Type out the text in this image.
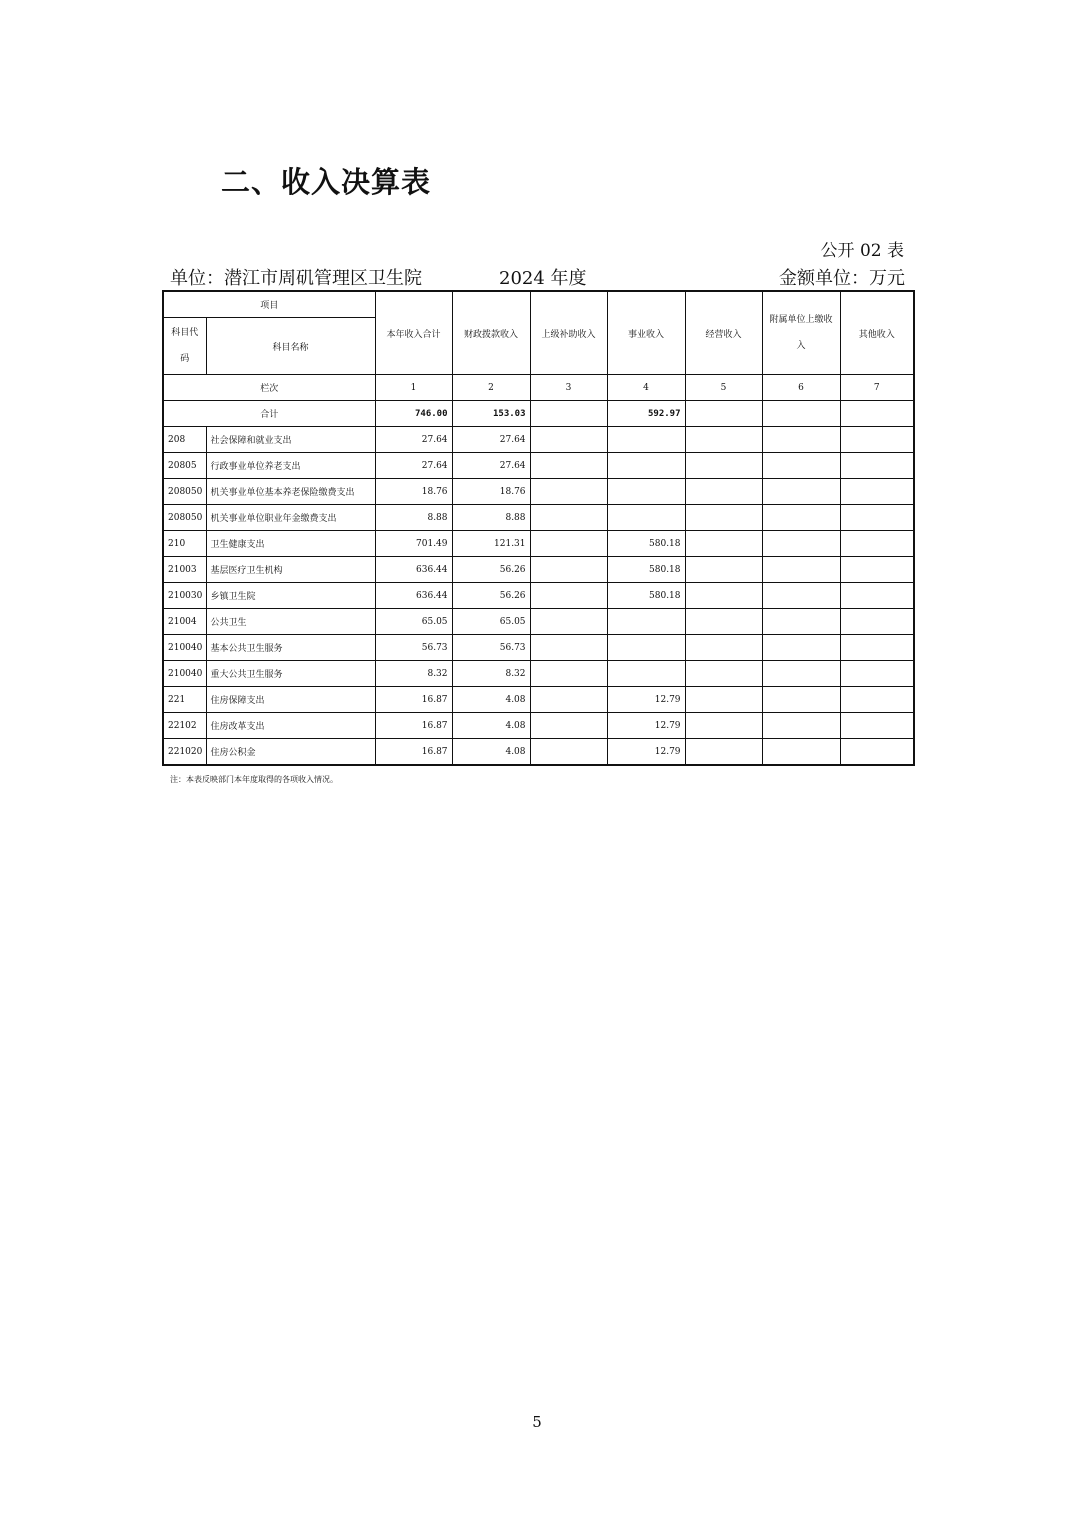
二、收入决算表
公开 02 表
单位：潜江市周矶管理区卫生院	2024 年度	金额单位：万元
项目		本年收入合计	财政拨款收入	上级补助收入	事业收入	经营收入	附属单位上缴收入	其他收入
科目代码	科目名称							
栏次		1	2	3	4	5	6	7
合计		746.00	153.03		592.97			
208	社会保障和就业支出	27.64	27.64					
20805	行政事业单位养老支出	27.64	27.64					
208050	机关事业单位基本养老保险缴费支出	18.76	18.76					
208050	机关事业单位职业年金缴费支出	8.88	8.88					
210	卫生健康支出	701.49	121.31		580.18			
21003	基层医疗卫生机构	636.44	56.26		580.18			
210030	乡镇卫生院	636.44	56.26		580.18			
21004	公共卫生	65.05	65.05					
210040	基本公共卫生服务	56.73	56.73					
210040	重大公共卫生服务	8.32	8.32					
221	住房保障支出	16.87	4.08		12.79			
22102	住房改革支出	16.87	4.08		12.79			
221020	住房公积金	16.87	4.08		12.79			
注：本表反映部门本年度取得的各项收入情况。
5
